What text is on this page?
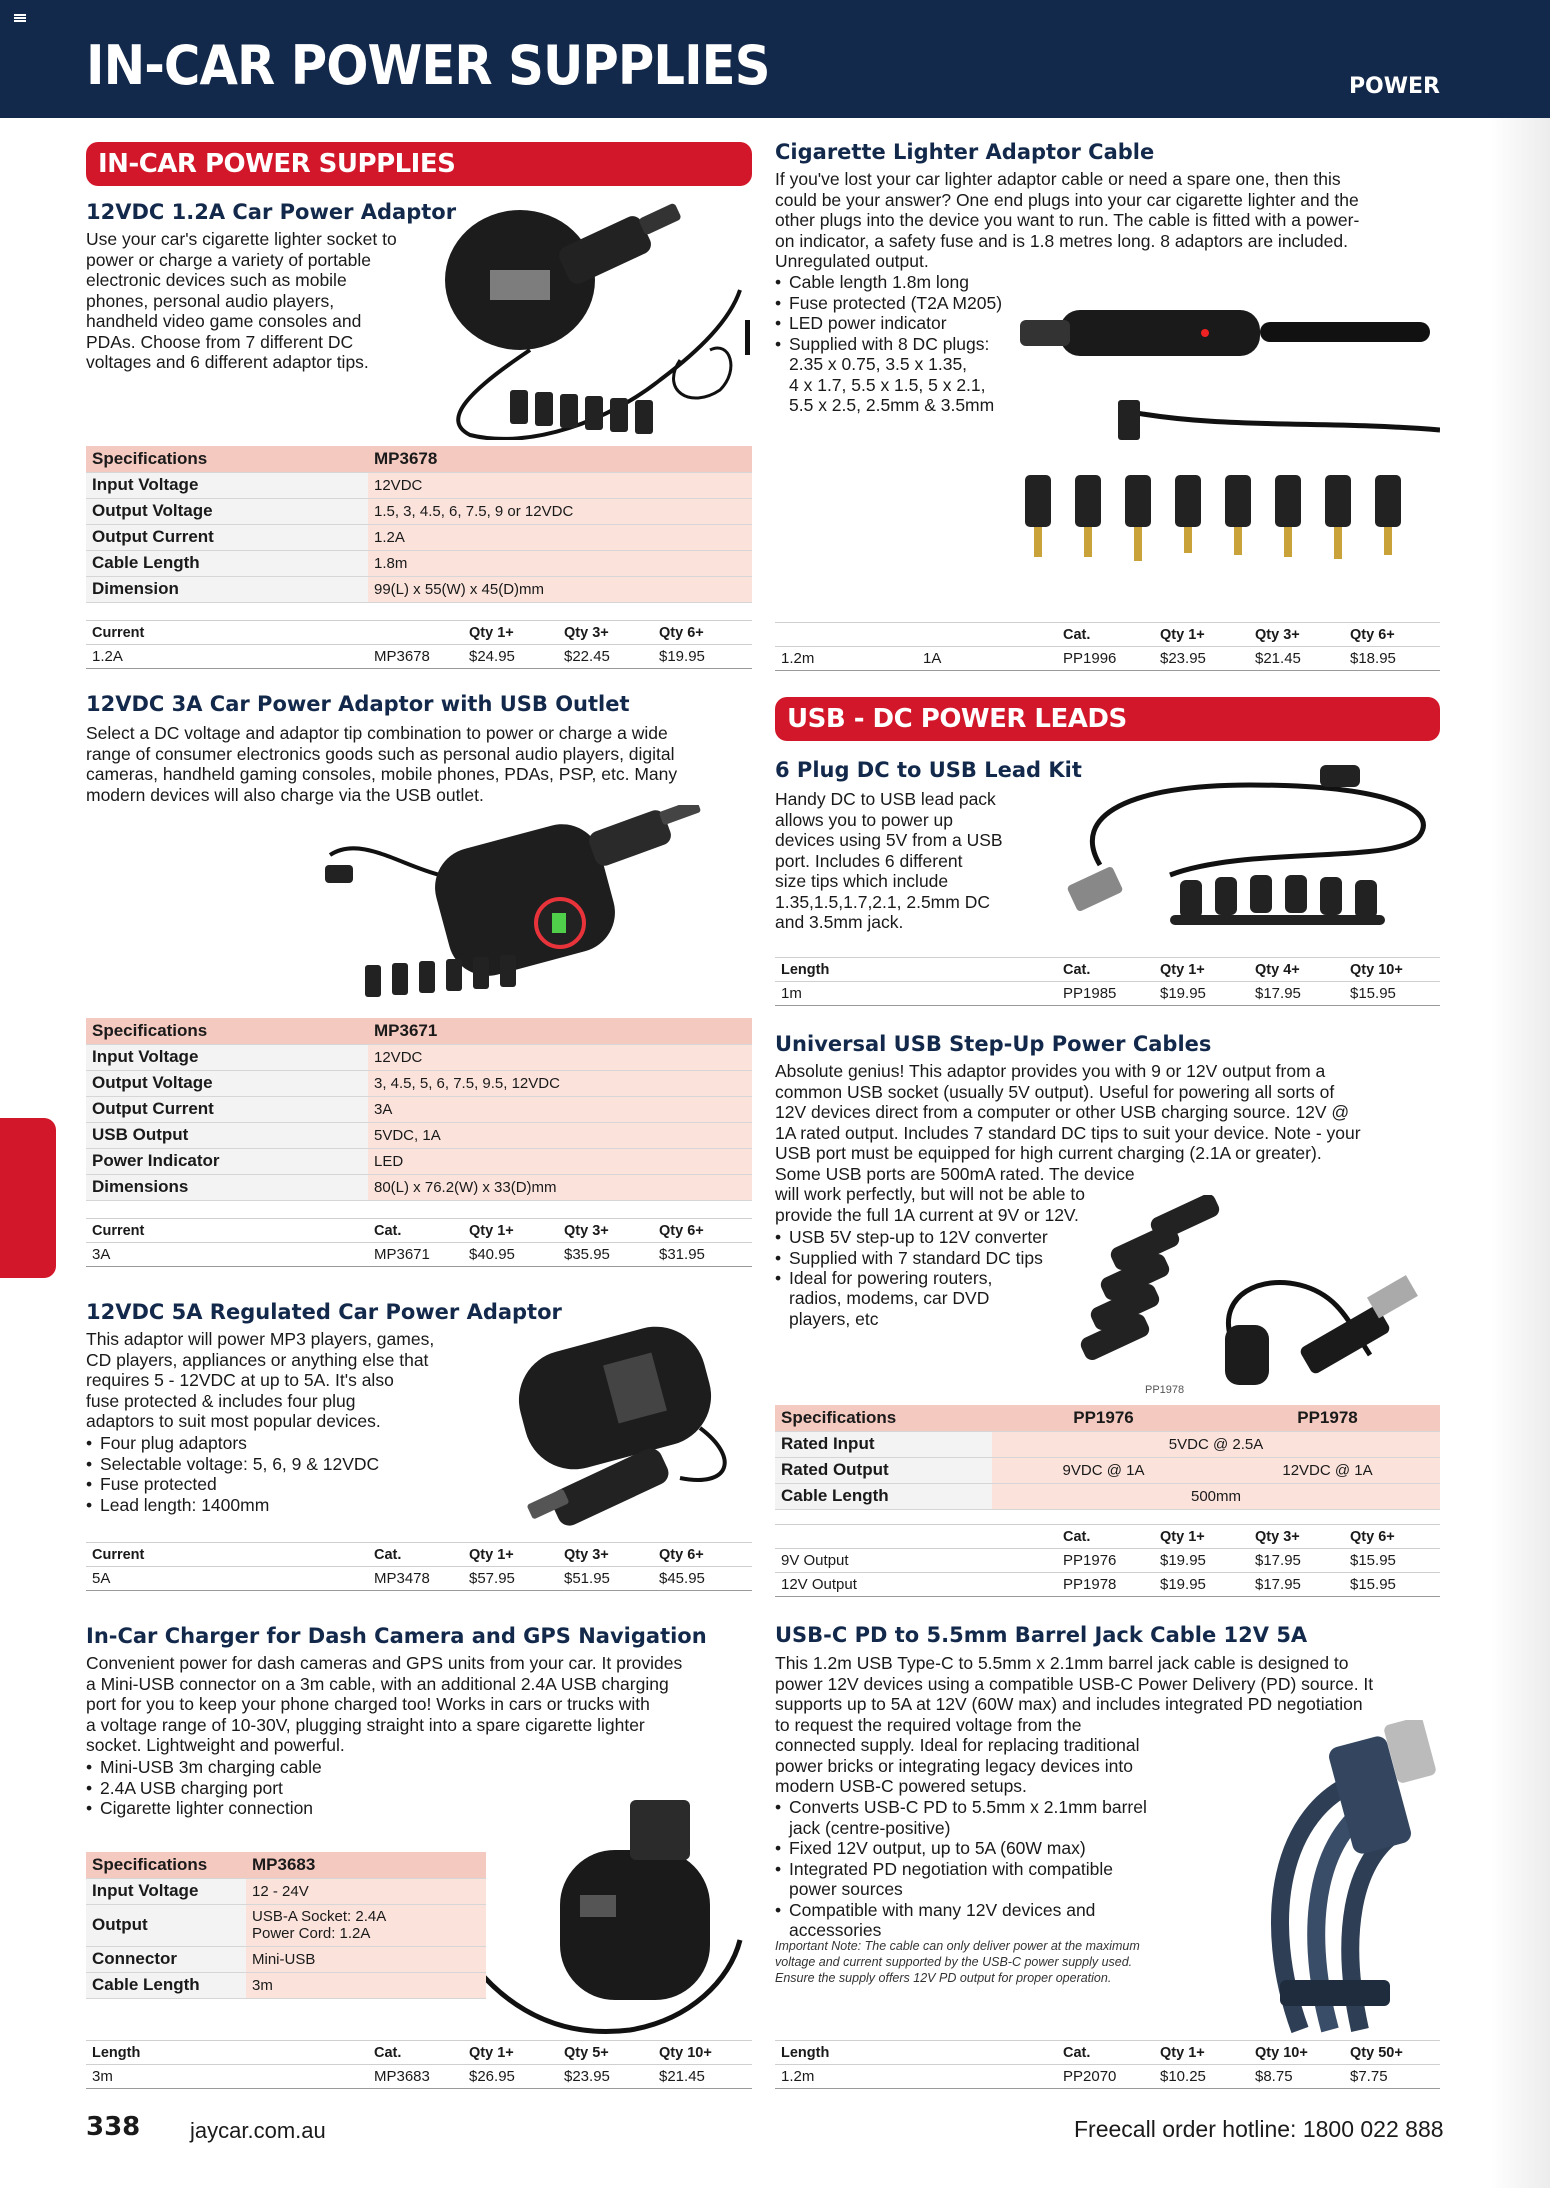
IN-CAR POWER SUPPLIES	POWER
IN-CAR POWER SUPPLIES
12VDC 1.2A Car Power Adaptor

Use your car's cigarette lighter socket to

power or charge a variety of portable

electronic devices such as mobile

phones, personal audio players,

handheld video game consoles and

PDAs. Choose from 7 different DC

voltages and 6 different adaptor tips.

Specifications	MP3678
Input Voltage	12VDC
Output Voltage	1.5, 3, 4.5, 6, 7.5, 9 or 12VDC
Output Current	1.2A
Cable Length	1.8m
Dimension	99(L) x 55(W) x 45(D)mm
Current		Qty 1+	Qty 3+	Qty 6+
1.2A	MP3678	$24.95	$22.45	$19.95
12VDC 3A Car Power Adaptor with USB Outlet

Select a DC voltage and adaptor tip combination to power or charge a wide

range of consumer electronics goods such as personal audio players, digital

cameras, handheld gaming consoles, mobile phones, PDAs, PSP, etc. Many

modern devices will also charge via the USB outlet.

Specifications	MP3671
Input Voltage	12VDC
Output Voltage	3, 4.5, 5, 6, 7.5, 9.5, 12VDC
Output Current	3A
USB Output	5VDC, 1A
Power Indicator	LED
Dimensions	80(L) x 76.2(W) x 33(D)mm
Current	Cat.	Qty 1+	Qty 3+	Qty 6+
3A	MP3671	$40.95	$35.95	$31.95
12VDC 5A Regulated Car Power Adaptor

This adaptor will power MP3 players, games,

CD players, appliances or anything else that

requires 5 - 12VDC at up to 5A. It's also

fuse protected & includes four plug

adaptors to suit most popular devices.

• Four plug adaptors
• Selectable voltage: 5, 6, 9 & 12VDC
• Fuse protected
• Lead length: 1400mm
Current	Cat.	Qty 1+	Qty 3+	Qty 6+
5A	MP3478	$57.95	$51.95	$45.95
In-Car Charger for Dash Camera and GPS Navigation

Convenient power for dash cameras and GPS units from your car. It provides

a Mini-USB connector on a 3m cable, with an additional 2.4A USB charging

port for you to keep your phone charged too! Works in cars or trucks with

a voltage range of 10-30V, plugging straight into a spare cigarette lighter

socket. Lightweight and powerful.

• Mini-USB 3m charging cable
• 2.4A USB charging port
• Cigarette lighter connection
Specifications	MP3683
Input Voltage	12 - 24V
Output	USB-A Socket: 2.4A
Power Cord: 1.2A

Connector	Mini-USB
Cable Length	3m
Length	Cat.	Qty 1+	Qty 5+	Qty 10+
3m	MP3683	$26.95	$23.95	$21.45
Cigarette Lighter Adaptor Cable

If you've lost your car lighter adaptor cable or need a spare one, then this

could be your answer? One end plugs into your car cigarette lighter and the

other plugs into the device you want to run. The cable is fitted with a power-

on indicator, a safety fuse and is 1.8 metres long. 8 adaptors are included.

Unregulated output.

• Cable length 1.8m long
• Fuse protected (T2A M205)
• LED power indicator
• Supplied with 8 DC plugs:

2.35 x 0.75, 3.5 x 1.35,

4 x 1.7, 5.5 x 1.5, 5 x 2.1,

5.5 x 2.5, 2.5mm & 3.5mm

		Cat.	Qty 1+	Qty 3+	Qty 6+
1.2m	1A	PP1996	$23.95	$21.45	$18.95
USB - DC POWER LEADS
6 Plug DC to USB Lead Kit

Handy DC to USB lead pack

allows you to power up

devices using 5V from a USB

port. Includes 6 different

size tips which include

1.35,1.5,1.7,2.1, 2.5mm DC

and 3.5mm jack.

Length	Cat.	Qty 1+	Qty 4+	Qty 10+
1m	PP1985	$19.95	$17.95	$15.95
Universal USB Step-Up Power Cables

Absolute genius! This adaptor provides you with 9 or 12V output from a

common USB socket (usually 5V output). Useful for powering all sorts of

12V devices direct from a computer or other USB charging source. 12V @

1A rated output. Includes 7 standard DC tips to suit your device. Note - your

USB port must be equipped for high current charging (2.1A or greater).

Some USB ports are 500mA rated. The device

will work perfectly, but will not be able to

provide the full 1A current at 9V or 12V.

• USB 5V step-up to 12V converter
• Supplied with 7 standard DC tips
• Ideal for powering routers,

radios, modems, car DVD

players, etc

PP1978
Specifications	PP1976	PP1978
Rated Input	5VDC @ 2.5A	
Rated Output	9VDC @ 1A	12VDC @ 1A
Cable Length	500mm	
	Cat.	Qty 1+	Qty 3+	Qty 6+
9V Output	PP1976	$19.95	$17.95	$15.95
12V Output	PP1978	$19.95	$17.95	$15.95
USB-C PD to 5.5mm Barrel Jack Cable 12V 5A

This 1.2m USB Type-C to 5.5mm x 2.1mm barrel jack cable is designed to

power 12V devices using a compatible USB-C Power Delivery (PD) source. It

supports up to 5A at 12V (60W max) and includes integrated PD negotiation

to request the required voltage from the

connected supply. Ideal for replacing traditional

power bricks or integrating legacy devices into

modern USB-C powered setups.

• Converts USB-C PD to 5.5mm x 2.1mm barrel
jack (centre-positive)
• Fixed 12V output, up to 5A (60W max)
• Integrated PD negotiation with compatible
power sources
• Compatible with many 12V devices and
accessories

Important Note: The cable can only deliver power at the maximum

voltage and current supported by the USB-C power supply used.

Ensure the supply offers 12V PD output for proper operation.

Length	Cat.	Qty 1+	Qty 10+	Qty 50+
1.2m	PP2070	$10.25	$8.75	$7.75
338 jaycar.com.au	Freecall order hotline: 1800 022 888
